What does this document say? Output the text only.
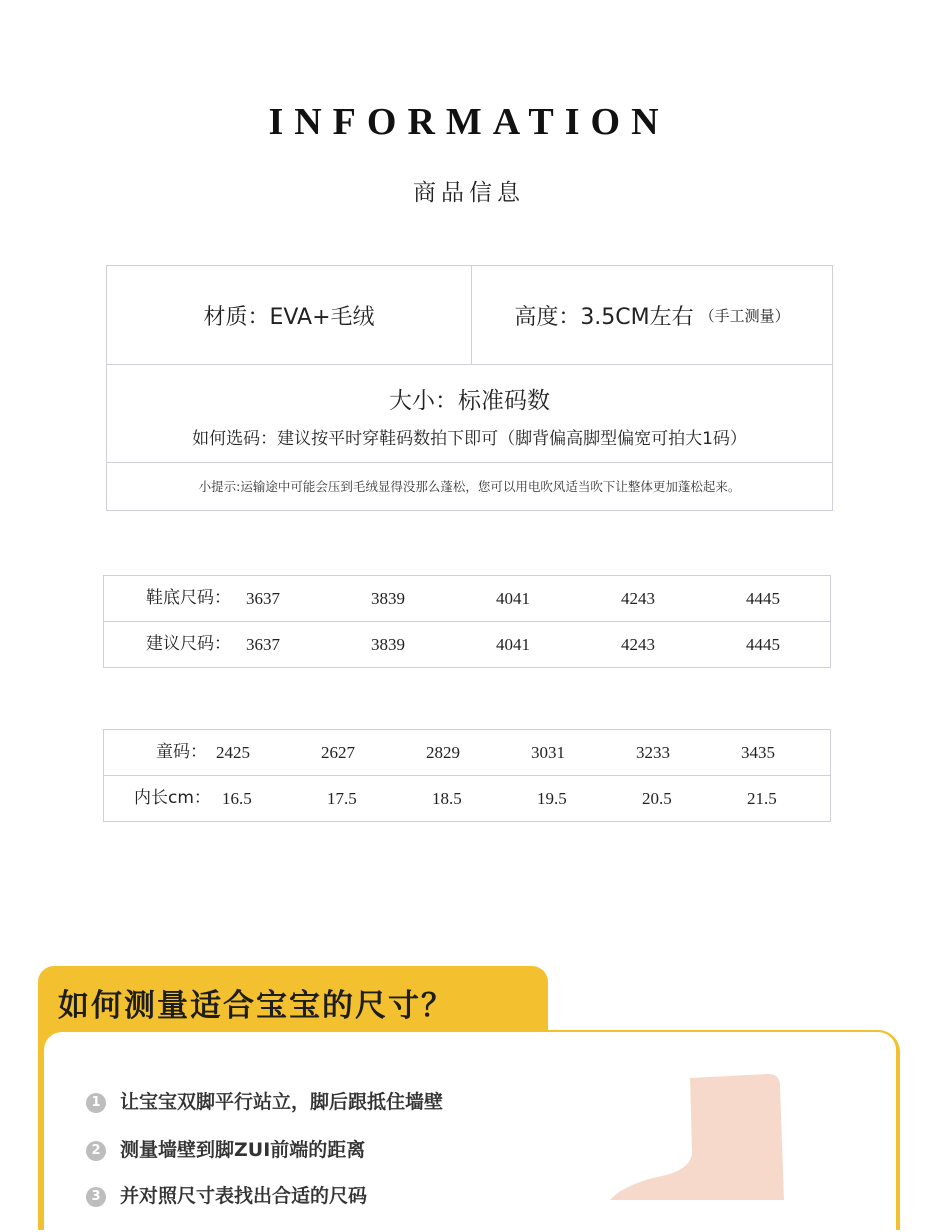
INFORMATION
商品信息
材质：EVA+毛绒	高度：3.5CM左右 （手工测量）
大小：标准码数
如何选码：建议按平时穿鞋码数拍下即可（脚背偏高脚型偏宽可拍大1码）
小提示:运输途中可能会压到毛绒显得没那么蓬松，您可以用电吹风适当吹下让整体更加蓬松起来。
鞋底尺码： 3637	3839	4041	4243	4445
建议尺码： 3637	3839	4041	4243	4445
童码： 2425	2627	2829	3031	3233	3435
内长cm： 16.5	17.5	18.5	19.5	20.5	21.5
如何测量适合宝宝的尺寸？
1 让宝宝双脚平行站立，脚后跟抵住墙壁
2 测量墙壁到脚ZUI前端的距离
3 并对照尺寸表找出合适的尺码
